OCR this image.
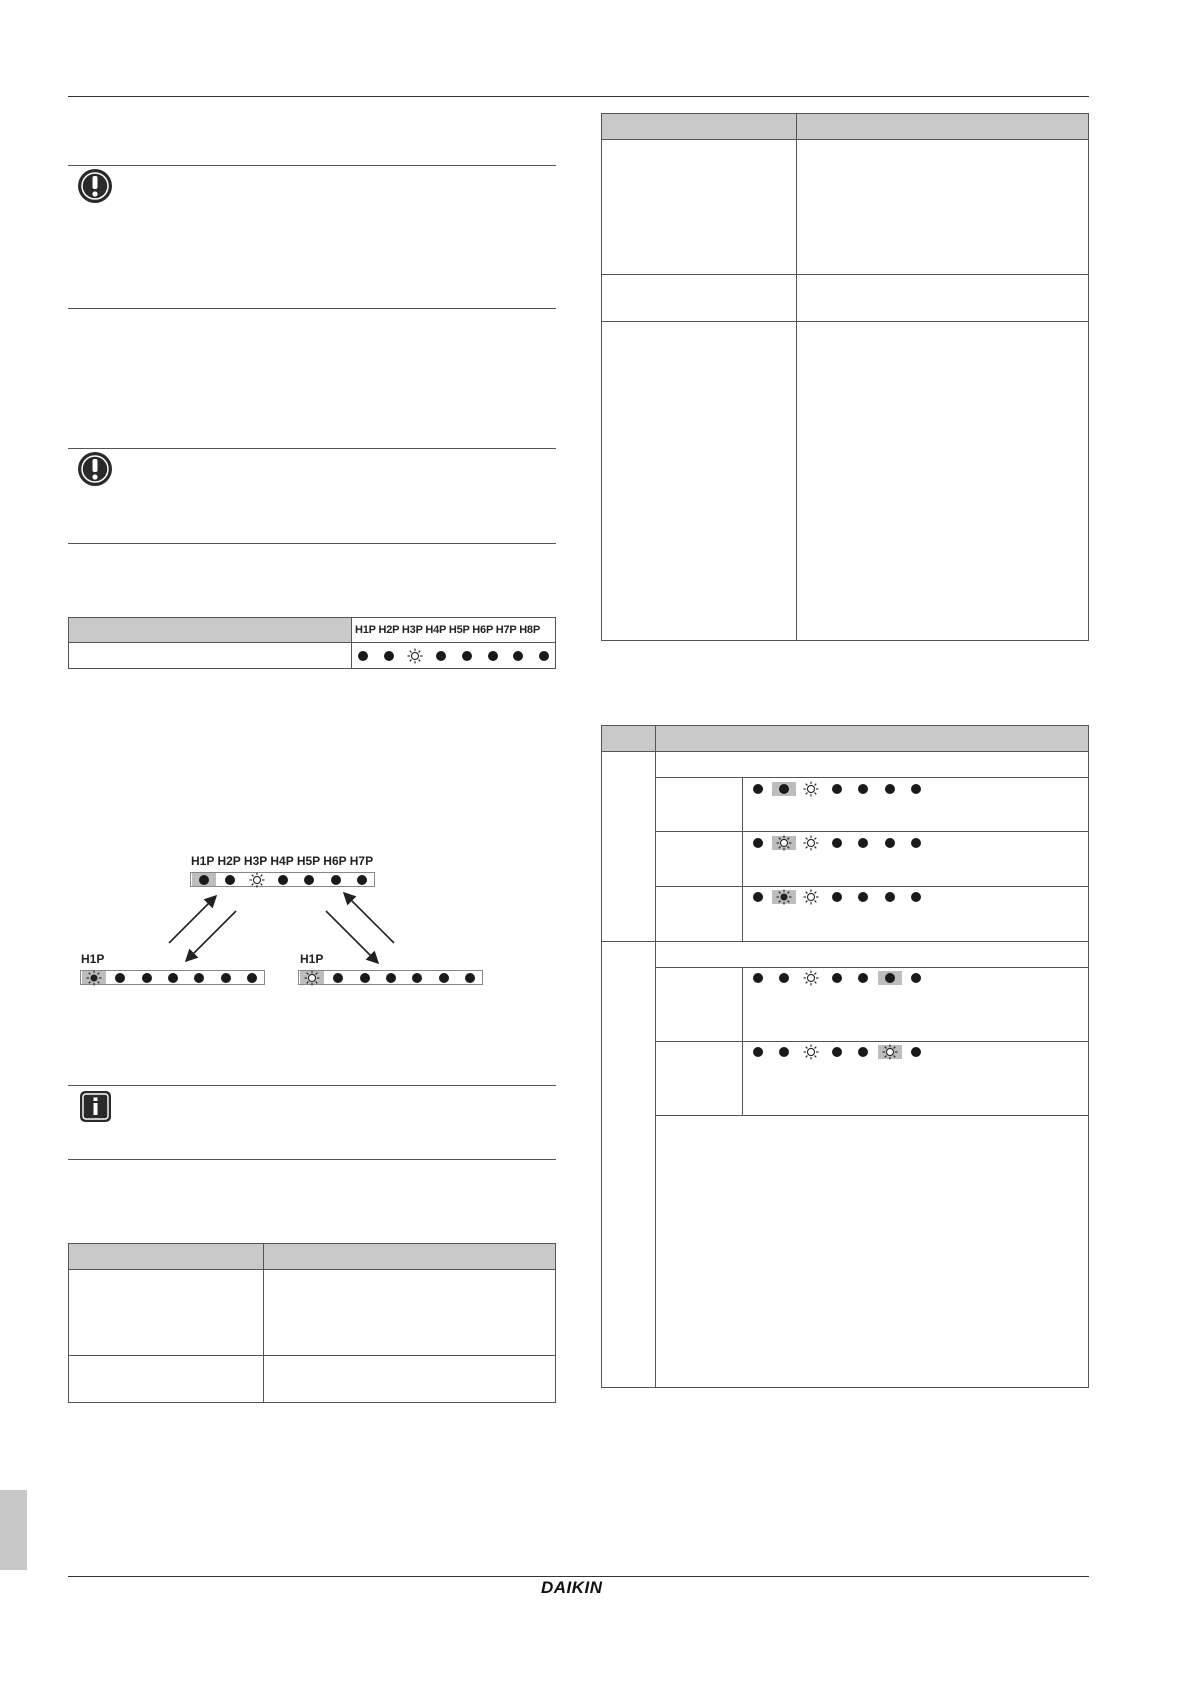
H1P H2P H3P H4P H5P H6P H7P H8P
H1P H2P H3P H4P H5P H6P H7P
H1P	H1P
DAIKIN
